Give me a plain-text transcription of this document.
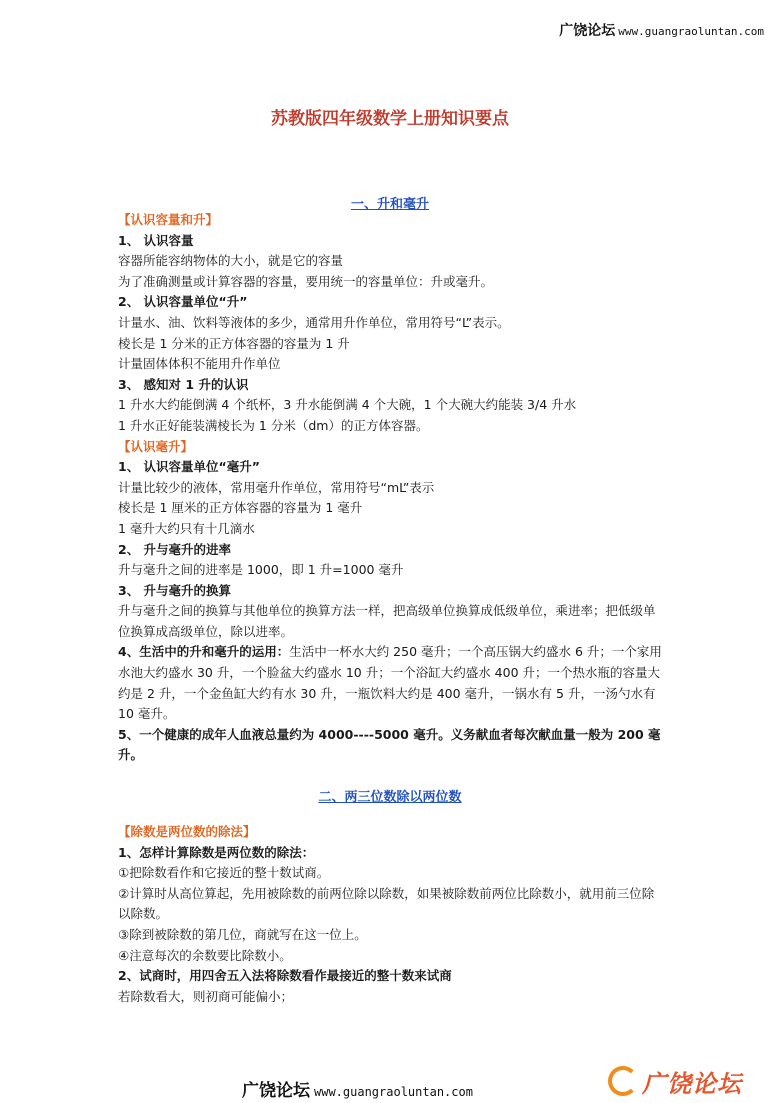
广饶论坛 www.guangraoluntan.com
苏教版四年级数学上册知识要点
一、升和毫升
【认识容量和升】
1、 认识容量
容器所能容纳物体的大小，就是它的容量
为了准确测量或计算容器的容量，要用统一的容量单位：升或毫升。
2、 认识容量单位“升”
计量水、油、饮料等液体的多少，通常用升作单位，常用符号“L”表示。
棱长是 1 分米的正方体容器的容量为 1 升
计量固体体积不能用升作单位
3、 感知对 1 升的认识
1 升水大约能倒满 4 个纸杯，3 升水能倒满 4 个大碗，1 个大碗大约能装 3/4 升水
1 升水正好能装满棱长为 1 分米（dm）的正方体容器。
【认识毫升】
1、 认识容量单位“毫升”
计量比较少的液体，常用毫升作单位，常用符号“mL”表示
棱长是 1 厘米的正方体容器的容量为 1 毫升
1 毫升大约只有十几滴水
2、 升与毫升的进率
升与毫升之间的进率是 1000，即 1 升=1000 毫升
3、 升与毫升的换算
升与毫升之间的换算与其他单位的换算方法一样，把高级单位换算成低级单位，乘进率；把低级单位换算成高级单位，除以进率。
4、生活中的升和毫升的运用：生活中一杯水大约 250 毫升；一个高压锅大约盛水 6 升；一个家用水池大约盛水 30 升，一个脸盆大约盛水 10 升；一个浴缸大约盛水 400 升；一个热水瓶的容量大约是 2 升，一个金鱼缸大约有水 30 升，一瓶饮料大约是 400 毫升，一锅水有 5 升，一汤勺水有 10 毫升。
5、一个健康的成年人血液总量约为 4000----5000 毫升。义务献血者每次献血量一般为 200 毫升。
二、两三位数除以两位数
【除数是两位数的除法】
1、怎样计算除数是两位数的除法：
①把除数看作和它接近的整十数试商。
②计算时从高位算起，先用被除数的前两位除以除数，如果被除数前两位比除数小，就用前三位除以除数。
③除到被除数的第几位，商就写在这一位上。
④注意每次的余数要比除数小。
2、试商时，用四舍五入法将除数看作最接近的整十数来试商
若除数看大，则初商可能偏小；
广饶论坛 www.guangraoluntan.com	广饶论坛
